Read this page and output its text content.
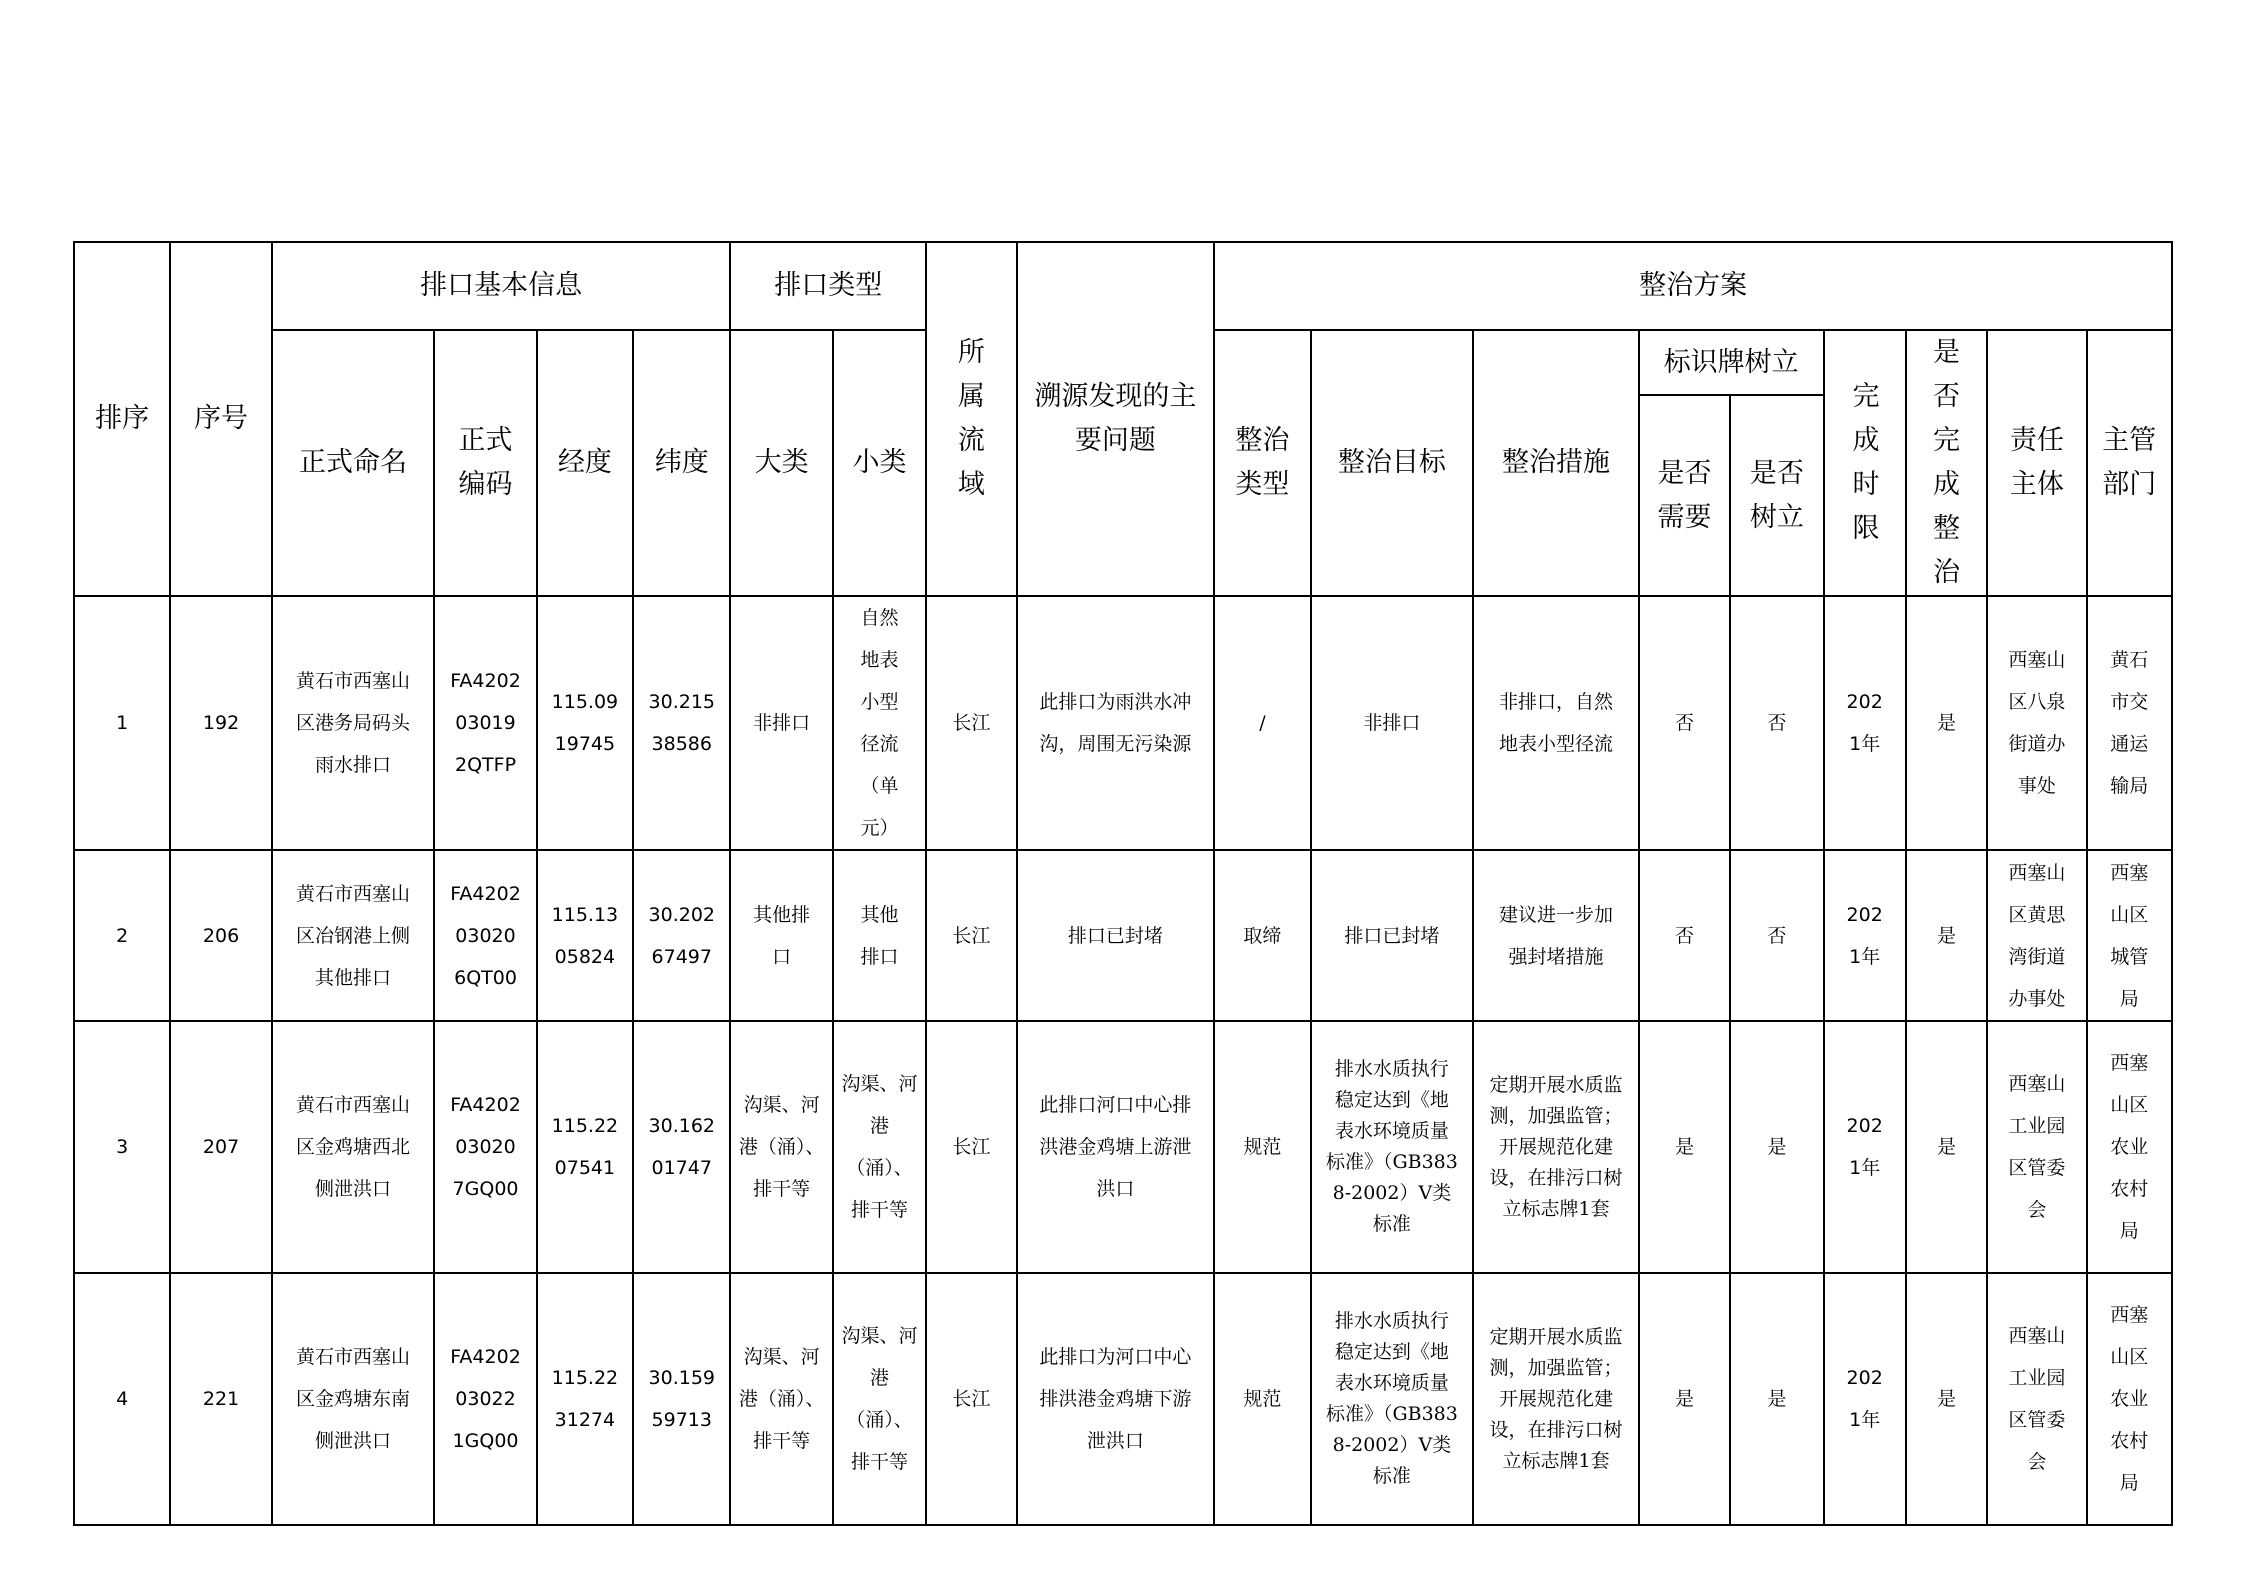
排序	序号	排口基本信息				排口类型		所属流域	溯源发现的主要问题	整治方案								

		正式命名	正式编码	经度	纬度	大类	小类			整治类型	整治目标	整治措施	标识牌树立		完成时限	是否完成整治	责任主体	主管部门

													是否需要	是否树立				

1	192	黄石市西塞山区港务局码头雨水排口	FA4202030192QTFP	115.0919745	30.21538586	非排口	自然地表小型径流（单元）	长江	此排口为雨洪水冲沟，周围无污染源	/	非排口	非排口，自然地表小型径流	否	否	2021年	是	西塞山区八泉街道办事处	黄石市交通运输局

2	206	黄石市西塞山区冶钢港上侧其他排口	FA4202030206QT00	115.1305824	30.20267497	其他排口	其他排口	长江	排口已封堵	取缔	排口已封堵	建议进一步加强封堵措施	否	否	2021年	是	西塞山区黄思湾街道办事处	西塞山区城管局

3	207	黄石市西塞山区金鸡塘西北侧泄洪口	FA4202030207GQ00	115.2207541	30.16201747	沟渠、河港（涌）、排干等	沟渠、河港（涌）、排干等	长江	此排口河口中心排洪港金鸡塘上游泄洪口	规范	排水水质执行稳定达到《地表水环境质量标准》（GB3838-2002）V类标准	定期开展水质监测，加强监管；开展规范化建设，在排污口树立标志牌1套	是	是	2021年	是	西塞山工业园区管委会	西塞山区农业农村局

4	221	黄石市西塞山区金鸡塘东南侧泄洪口	FA4202030221GQ00	115.2231274	30.15959713	沟渠、河港（涌）、排干等	沟渠、河港（涌）、排干等	长江	此排口为河口中心排洪港金鸡塘下游泄洪口	规范	排水水质执行稳定达到《地表水环境质量标准》（GB3838-2002）V类标准	定期开展水质监测，加强监管；开展规范化建设，在排污口树立标志牌1套	是	是	2021年	是	西塞山工业园区管委会	西塞山区农业农村局
